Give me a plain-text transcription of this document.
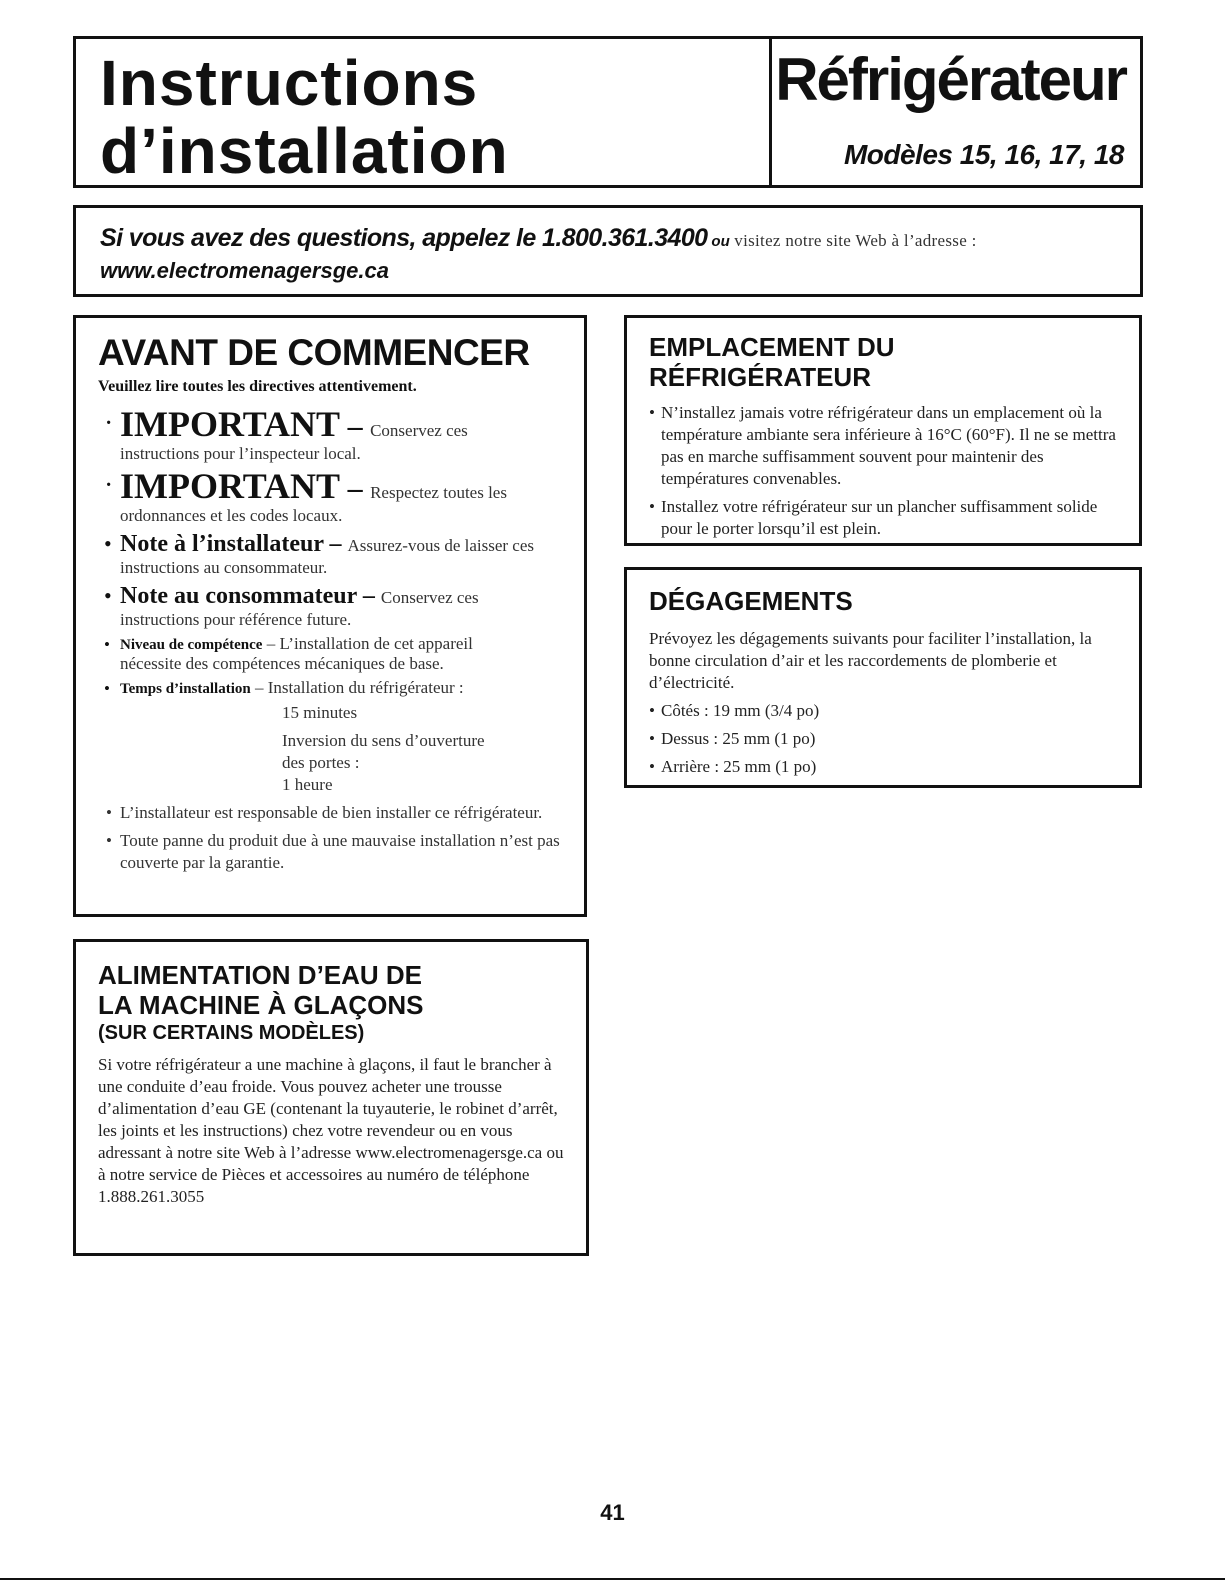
Instructions
d’installation
Réfrigérateur
Modèles 15, 16, 17, 18
Si vous avez des questions, appelez le 1.800.361.3400 ou visitez notre site Web à l’adresse :
www.electromenagersge.ca
AVANT DE COMMENCER
Veuillez lire toutes les directives attentivement.
· IMPORTANT – Conservez ces
instructions pour l’inspecteur local.
· IMPORTANT – Respectez toutes les
ordonnances et les codes locaux.
• Note à l’installateur – Assurez-vous de laisser ces
instructions au consommateur.
• Note au consommateur – Conservez ces
instructions pour référence future.
• Niveau de compétence – L’installation de cet appareil
nécessite des compétences mécaniques de base.
• Temps d’installation – Installation du réfrigérateur :
15 minutes
Inversion du sens d’ouverture
des portes :
1 heure
• L’installateur est responsable de bien installer ce réfrigérateur.
• Toute panne du produit due à une mauvaise installation n’est pas couverte par la garantie.
EMPLACEMENT DU RÉFRIGÉRATEUR
• N’installez jamais votre réfrigérateur dans un emplacement où la température ambiante sera inférieure à 16°C (60°F). Il ne se mettra pas en marche suffisamment souvent pour maintenir des températures convenables.
• Installez votre réfrigérateur sur un plancher suffisamment solide pour le porter lorsqu’il est plein.
DÉGAGEMENTS
Prévoyez les dégagements suivants pour faciliter l’installation, la bonne circulation d’air et les raccordements de plomberie et d’électricité.
• Côtés : 19 mm (3/4 po)
• Dessus : 25 mm (1 po)
• Arrière : 25 mm (1 po)
ALIMENTATION D’EAU DE
LA MACHINE À GLAÇONS
(SUR CERTAINS MODÈLES)
Si votre réfrigérateur a une machine à glaçons, il faut le brancher à une conduite d’eau froide. Vous pouvez acheter une trousse d’alimentation d’eau GE (contenant la tuyauterie, le robinet d’arrêt, les joints et les instructions) chez votre revendeur ou en vous adressant à notre site Web à l’adresse www.electromenagersge.ca ou à notre service de Pièces et accessoires au numéro de téléphone 1.888.261.3055
41
